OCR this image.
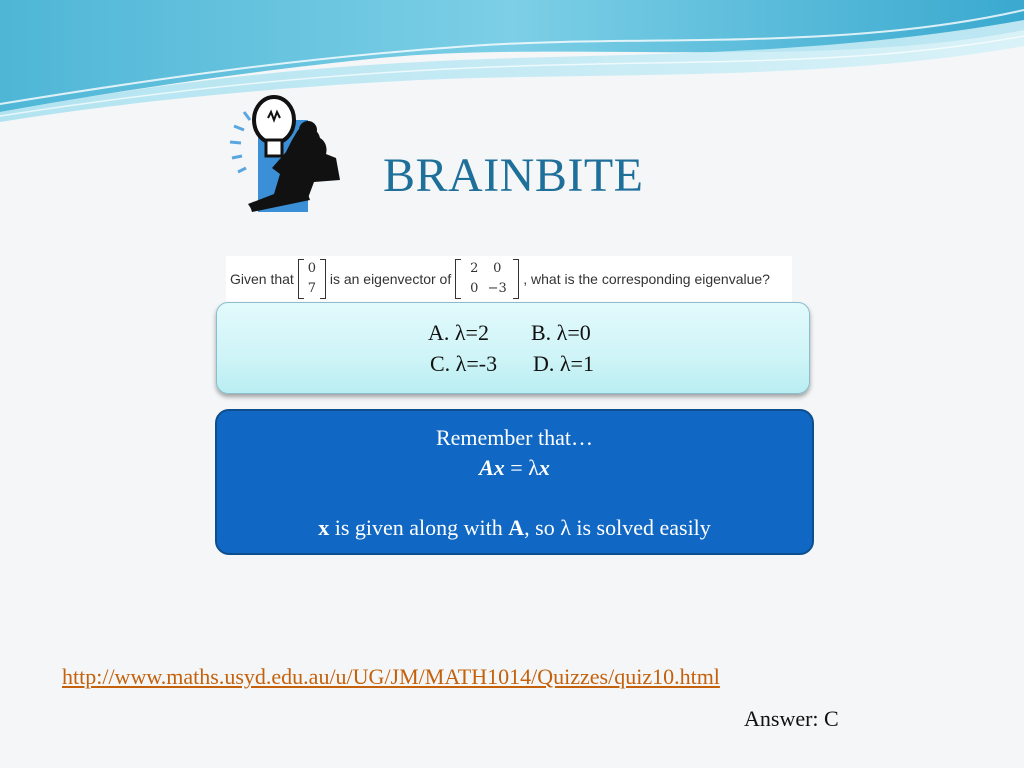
BRAINBITE
Given that
0
7
is an eigenvector of
2	0
0 −3
, what is the corresponding eigenvalue?
A. λ=2 B. λ=0
C. λ=-3 D. λ=1
Remember that…
Ax = λx
x is given along with A, so λ is solved easily
http://www.maths.usyd.edu.au/u/UG/JM/MATH1014/Quizzes/quiz10.html
Answer: C
